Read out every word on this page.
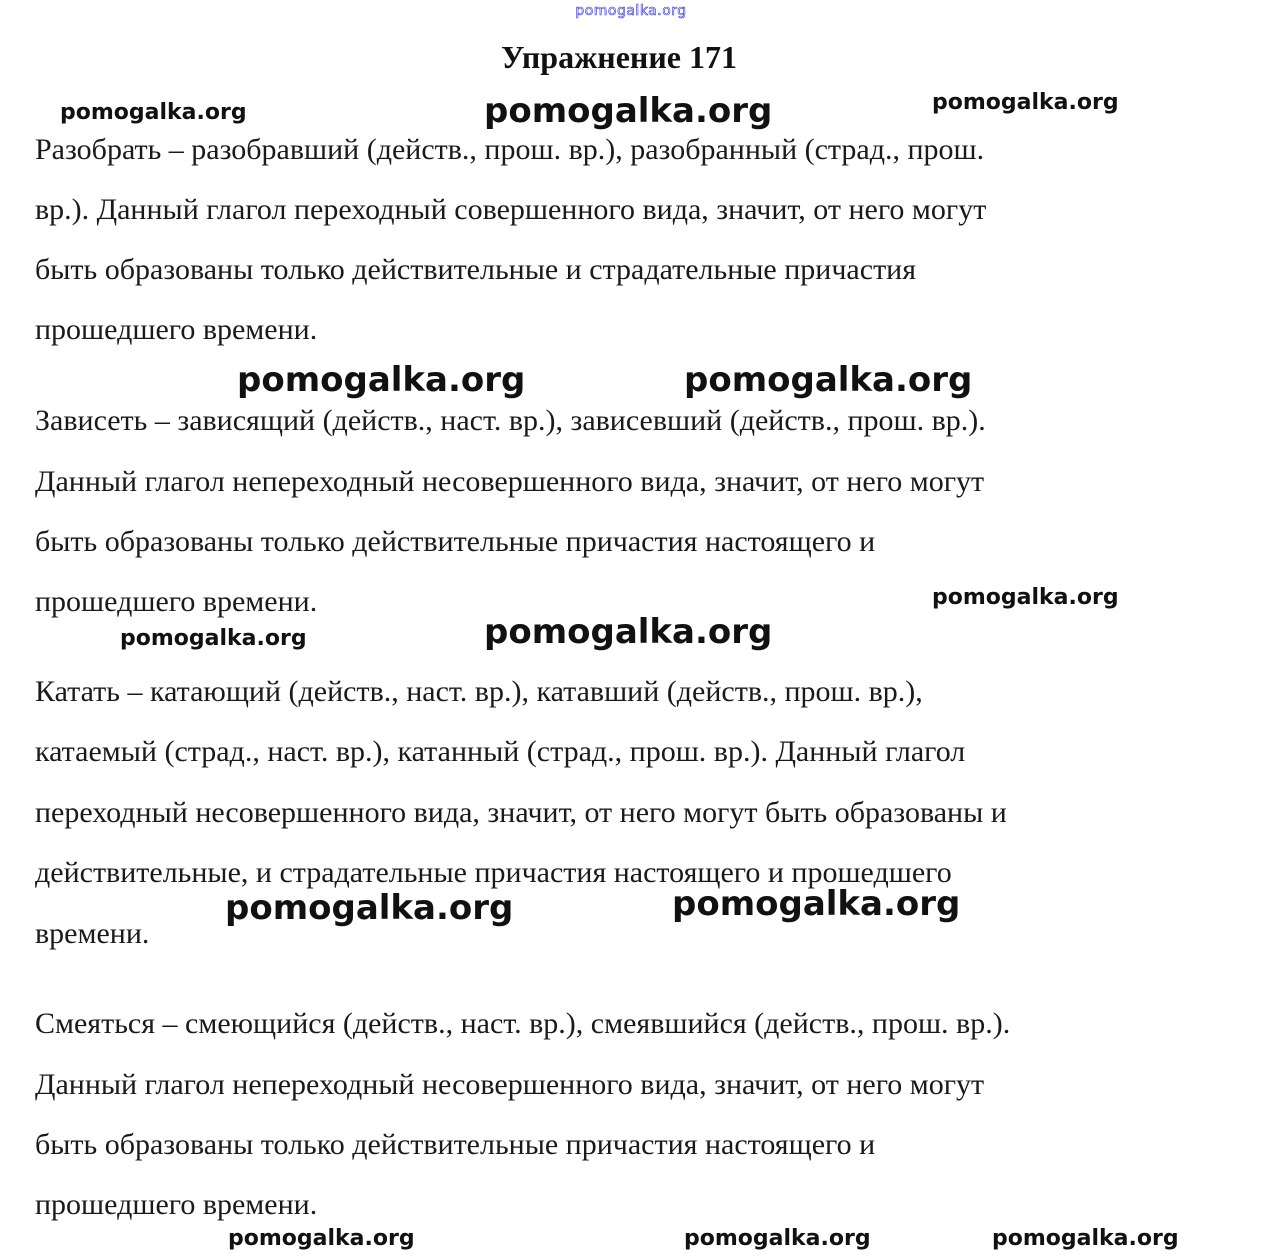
pomogalka.org
Упражнение 171
Разобрать – разобравший (действ., прош. вр.), разобранный (страд., прош.
вр.). Данный глагол переходный совершенного вида, значит, от него могут
быть образованы только действительные и страдательные причастия
прошедшего времени.
Зависеть – зависящий (действ., наст. вр.), зависевший (действ., прош. вр.).
Данный глагол непереходный несовершенного вида, значит, от него могут
быть образованы только действительные причастия настоящего и
прошедшего времени.
Катать – катающий (действ., наст. вр.), катавший (действ., прош. вр.),
катаемый (страд., наст. вр.), катанный (страд., прош. вр.). Данный глагол
переходный несовершенного вида, значит, от него могут быть образованы и
действительные, и страдательные причастия настоящего и прошедшего
времени.
Смеяться – смеющийся (действ., наст. вр.), смеявшийся (действ., прош. вр.).
Данный глагол непереходный несовершенного вида, значит, от него могут
быть образованы только действительные причастия настоящего и
прошедшего времени.
pomogalka.org
pomogalka.org	pomogalka.org
pomogalka.org	pomogalka.org
pomogalka.org
pomogalka.org
pomogalka.org
pomogalka.org	pomogalka.org
pomogalka.org	pomogalka.org	pomogalka.org
